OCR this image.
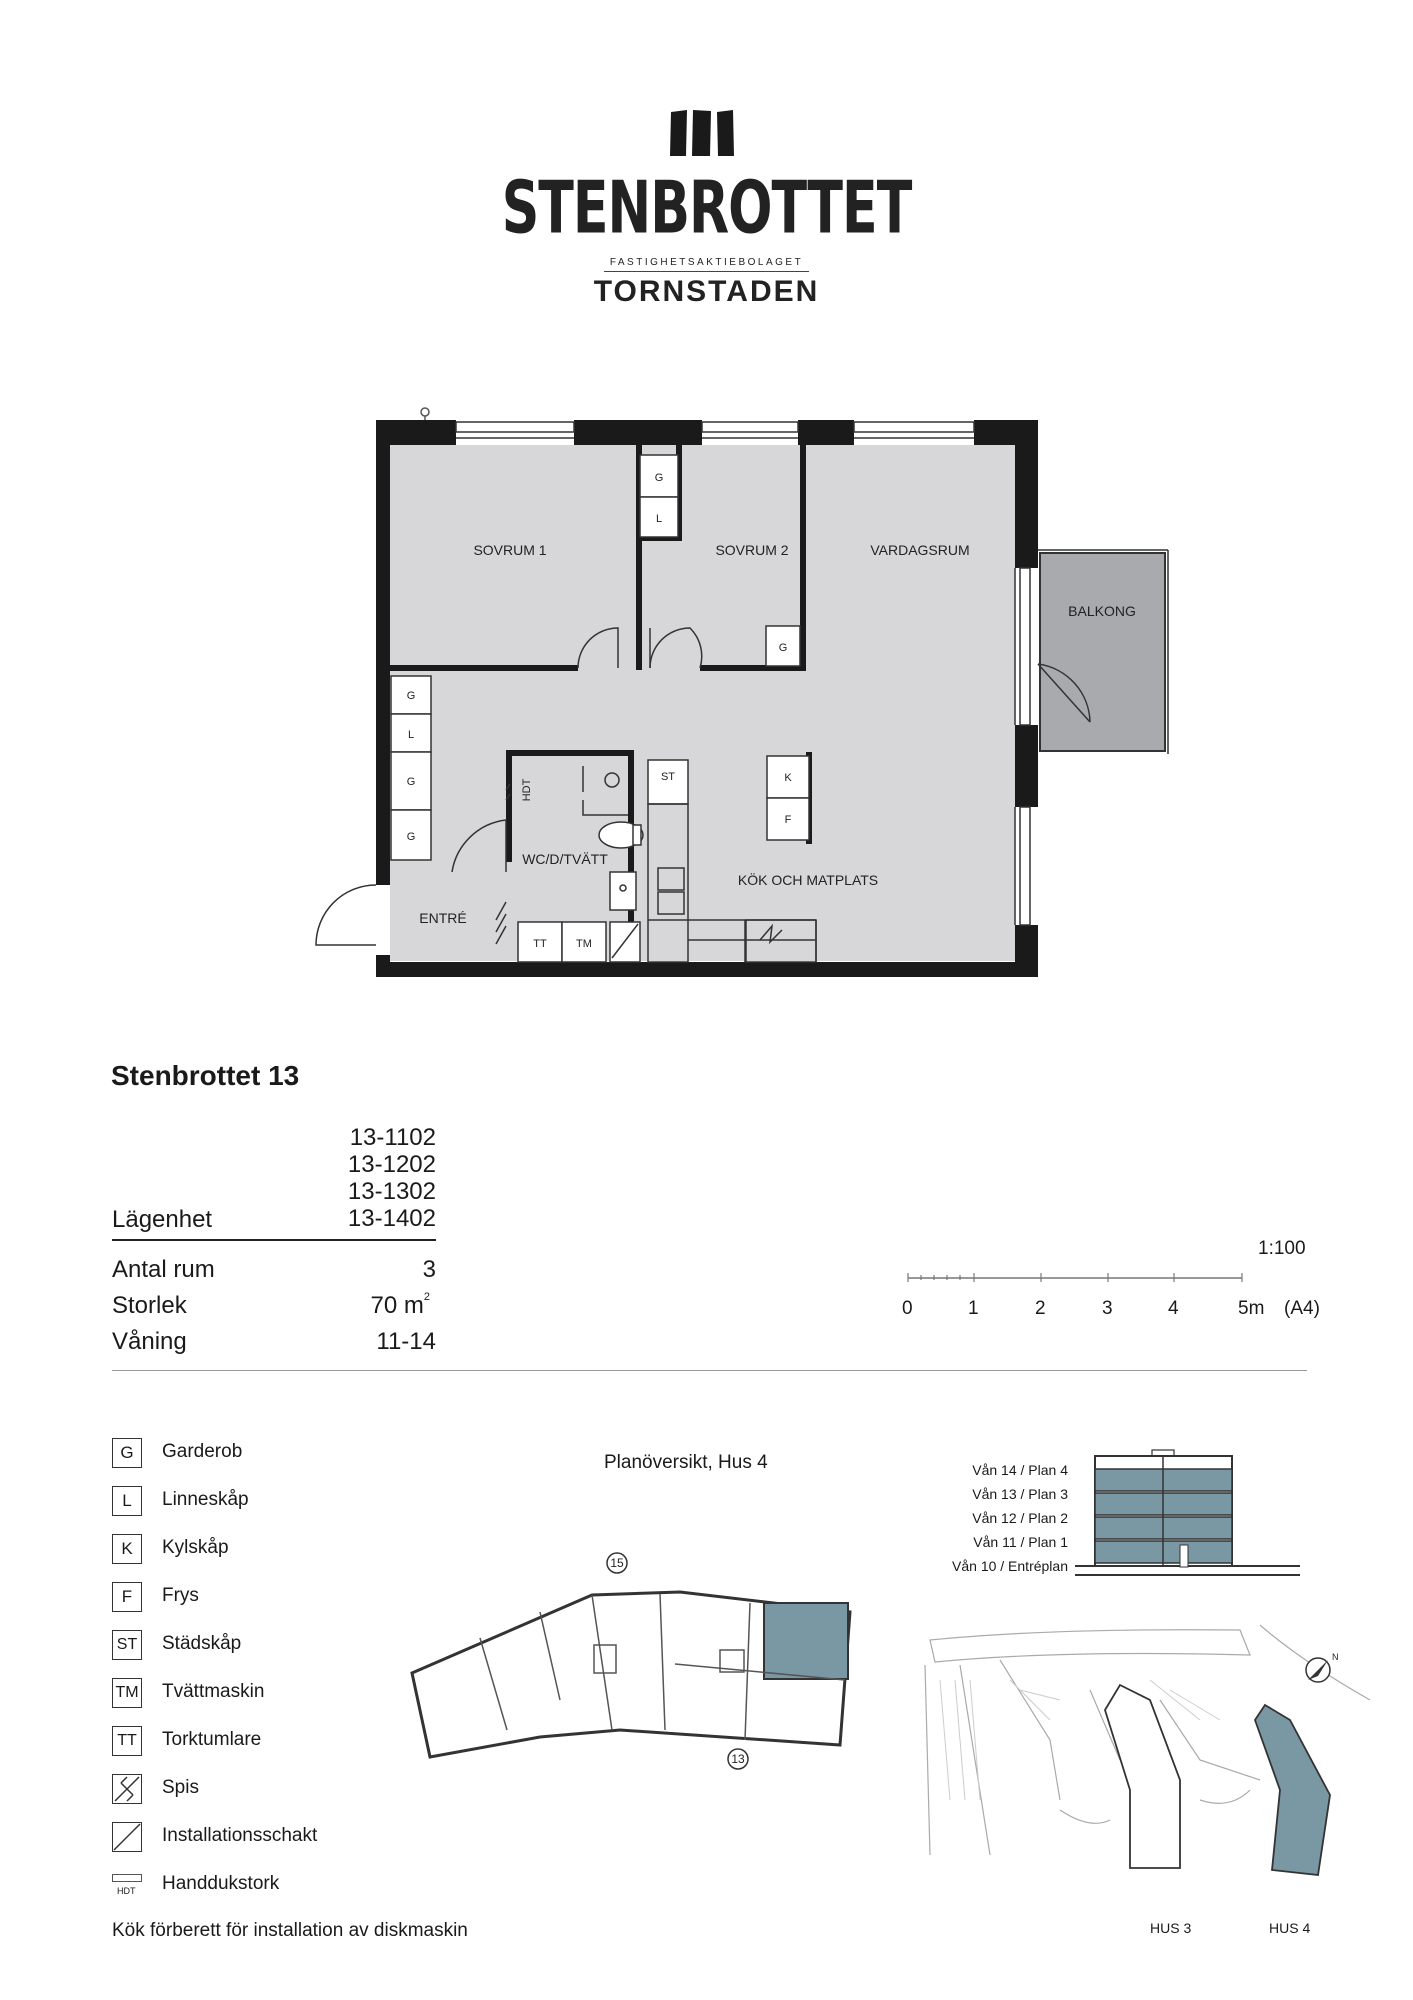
STENBROTTET
FASTIGHETSAKTIEBOLAGET
TORNSTADEN
SOVRUM 1	SOVRUM 2	VARDAGSRUM
BALKONG
WC/D/TVÄTT
KÖK OCH MATPLATS
ENTRÉ
G
L
G
G
L
G
G
K
F
ST
TT	TM
HDT
Stenbrottet 13
13-1102
13-1202
13-1302
13-1402
Lägenhet
Antal rum	3
Storlek	70 $m^2$
Våning	11-14
1:100
0	1	2	3	4	5m (A4)
G	Garderob
L	Linneskåp
K	Kylskåp
F	Frys
ST Städskåp
TM Tvättmaskin
TT Torktumlare
Spis
Installationsschakt
HDT Handdukstork
Planöversikt, Hus 4
15
13
Vån 14 / Plan 4
Vån 13 / Plan 3
Vån 12 / Plan 2
Vån 11 / Plan 1
Vån 10 / Entréplan
N
HUS 3	HUS 4
Kök förberett för installation av diskmaskin
